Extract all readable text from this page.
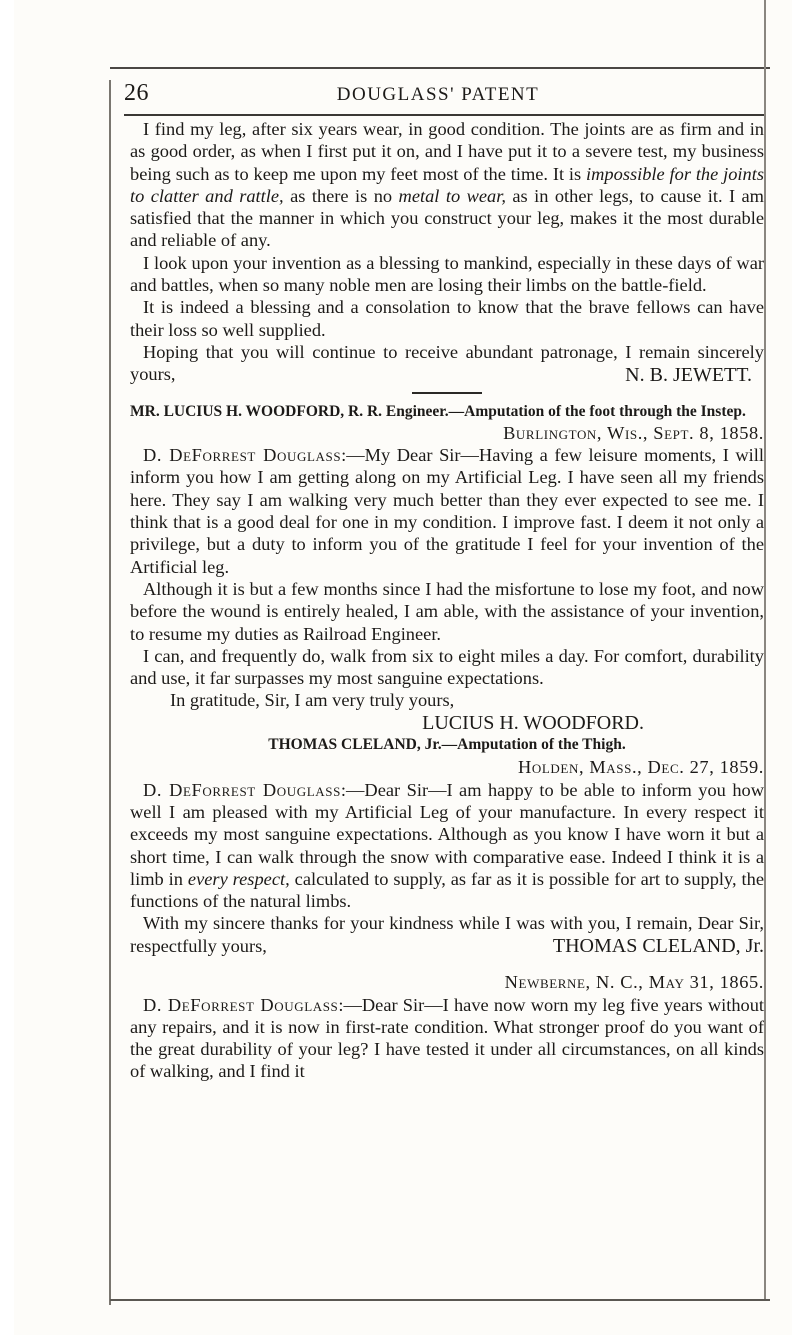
26	DOUGLASS' PATENT

I find my leg, after six years wear, in good condition. The joints are as firm and in as good order, as when I first put it on, and I have put it to a severe test, my business being such as to keep me upon my feet most of the time. It is impossible for the joints to clatter and rattle, as there is no metal to wear, as in other legs, to cause it. I am satisfied that the manner in which you construct your leg, makes it the most durable and reliable of any.

I look upon your invention as a blessing to mankind, especially in these days of war and battles, when so many noble men are losing their limbs on the battle-field.

It is indeed a blessing and a consolation to know that the brave fellows can have their loss so well supplied.

Hoping that you will continue to receive abundant patronage, I remain sincerely yours,	N. B. JEWETT.

MR. LUCIUS H. WOODFORD, R. R. Engineer.—Amputation of the foot through the Instep.

Burlington, Wis., Sept. 8, 1858.

D. DeForrest Douglass:—My Dear Sir—Having a few leisure moments, I will inform you how I am getting along on my Artificial Leg. I have seen all my friends here. They say I am walking very much better than they ever expected to see me. I think that is a good deal for one in my condition. I improve fast. I deem it not only a privilege, but a duty to inform you of the gratitude I feel for your invention of the Artificial leg.

Although it is but a few months since I had the misfortune to lose my foot, and now before the wound is entirely healed, I am able, with the assistance of your invention, to resume my duties as Railroad Engineer.

I can, and frequently do, walk from six to eight miles a day. For comfort, durability and use, it far surpasses my most sanguine expectations.

In gratitude, Sir, I am very truly yours,

LUCIUS H. WOODFORD.

THOMAS CLELAND, Jr.—Amputation of the Thigh.

Holden, Mass., Dec. 27, 1859.

D. DeForrest Douglass:—Dear Sir—I am happy to be able to inform you how well I am pleased with my Artificial Leg of your manufacture. In every respect it exceeds my most sanguine expectations. Although as you know I have worn it but a short time, I can walk through the snow with comparative ease. Indeed I think it is a limb in every respect, calculated to supply, as far as it is possible for art to supply, the functions of the natural limbs.

With my sincere thanks for your kindness while I was with you, I remain, Dear Sir, respectfully yours,	THOMAS CLELAND, Jr.

Newberne, N. C., May 31, 1865.

D. DeForrest Douglass:—Dear Sir—I have now worn my leg five years without any repairs, and it is now in first-rate condition. What stronger proof do you want of the great durability of your leg? I have tested it under all circumstances, on all kinds of walking, and I find it
